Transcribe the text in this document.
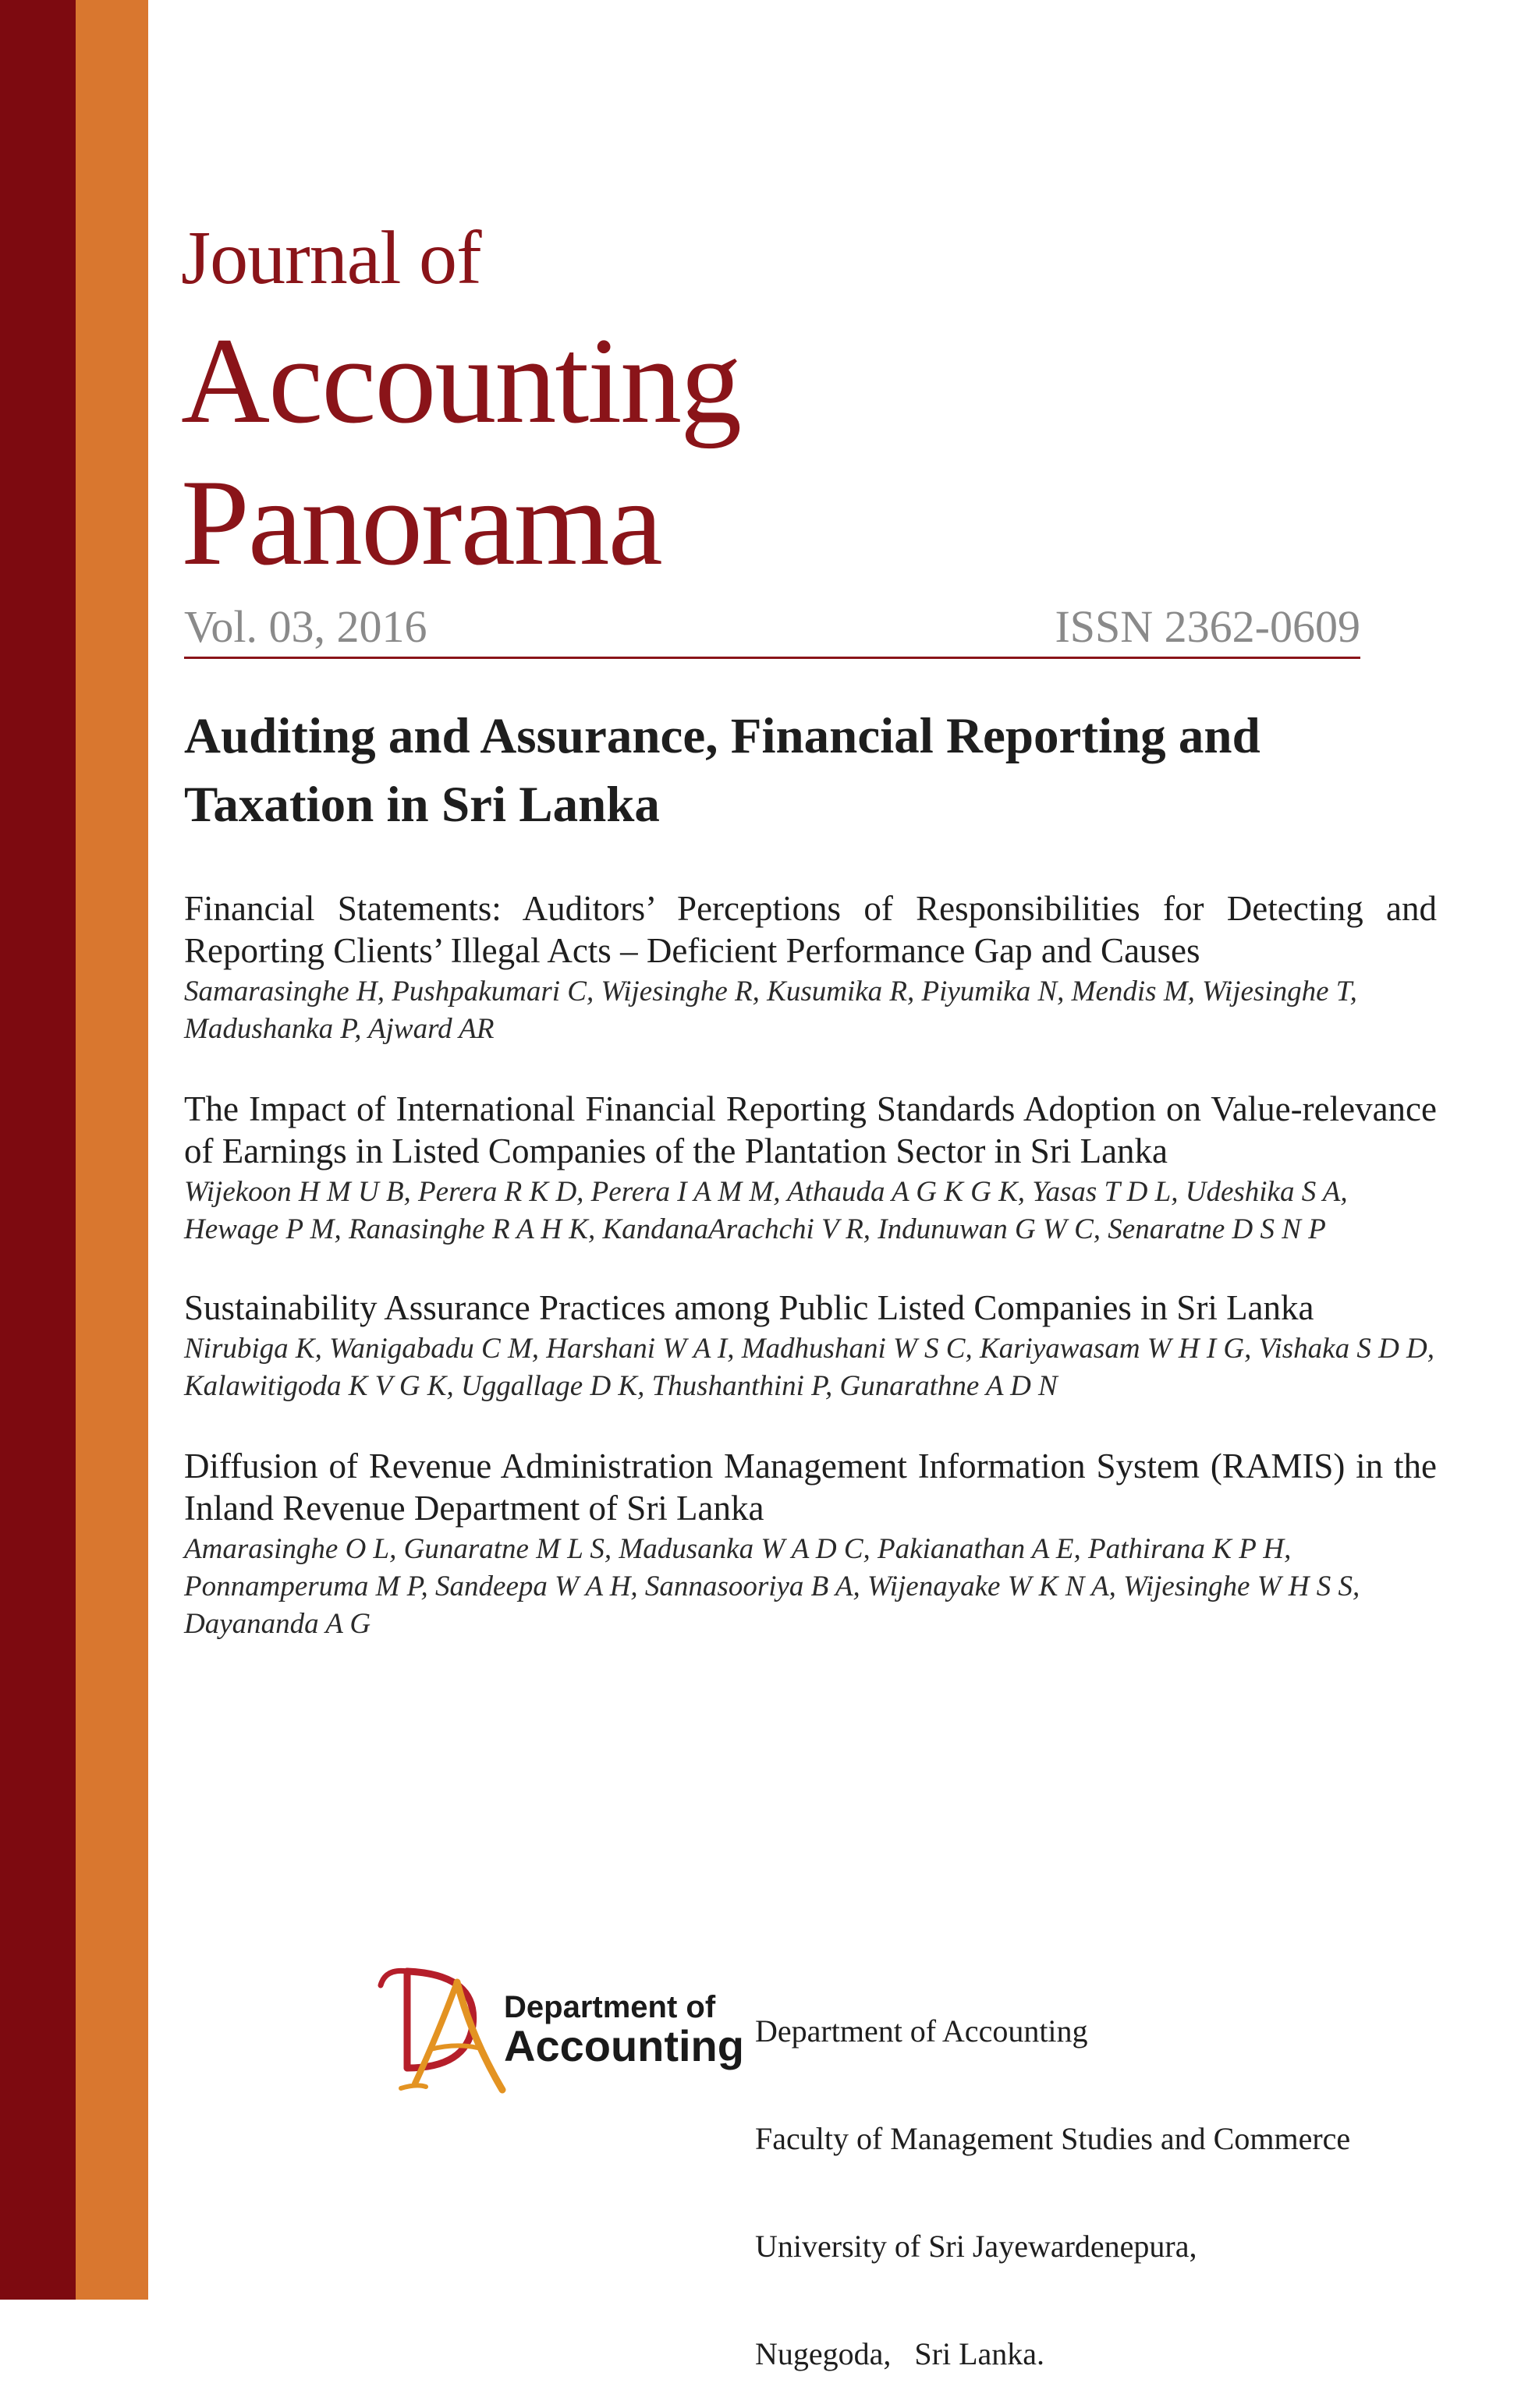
Journal of
Accounting
Panorama
Vol. 03, 2016	ISSN 2362-0609
Auditing and Assurance, Financial Reporting and Taxation in Sri Lanka
Financial Statements: Auditors’ Perceptions of Responsibilities for Detecting and Reporting Clients’ Illegal Acts – Deficient Performance Gap and Causes
Samarasinghe H, Pushpakumari C, Wijesinghe R, Kusumika R, Piyumika N, Mendis M, Wijesinghe T, Madushanka P, Ajward AR
The Impact of International Financial Reporting Standards Adoption on Value-relevance of Earnings in Listed Companies of the Plantation Sector in Sri Lanka
Wijekoon H M U B, Perera R K D, Perera I A M M, Athauda A G K G K, Yasas T D L, Udeshika S A, Hewage P M, Ranasinghe R A H K, KandanaArachchi V R, Indunuwan G W C, Senaratne D S N P
Sustainability Assurance Practices among Public Listed Companies in Sri Lanka
Nirubiga K, Wanigabadu C M, Harshani W A I, Madhushani W S C, Kariyawasam W H I G, Vishaka S D D, Kalawitigoda K V G K, Uggallage D K, Thushanthini P, Gunarathne A D N
Diffusion of Revenue Administration Management Information System (RAMIS) in the Inland Revenue Department of Sri Lanka
Amarasinghe O L, Gunaratne M L S, Madusanka W A D C, Pakianathan A E, Pathirana K P H, Ponnamperuma M P, Sandeepa W A H, Sannasooriya B A, Wijenayake W K N A, Wijesinghe W H S S, Dayananda A G
Department of
Accounting

Department of Accounting

Faculty of Management Studies and Commerce

University of Sri Jayewardenepura,

Nugegoda,   Sri Lanka.
